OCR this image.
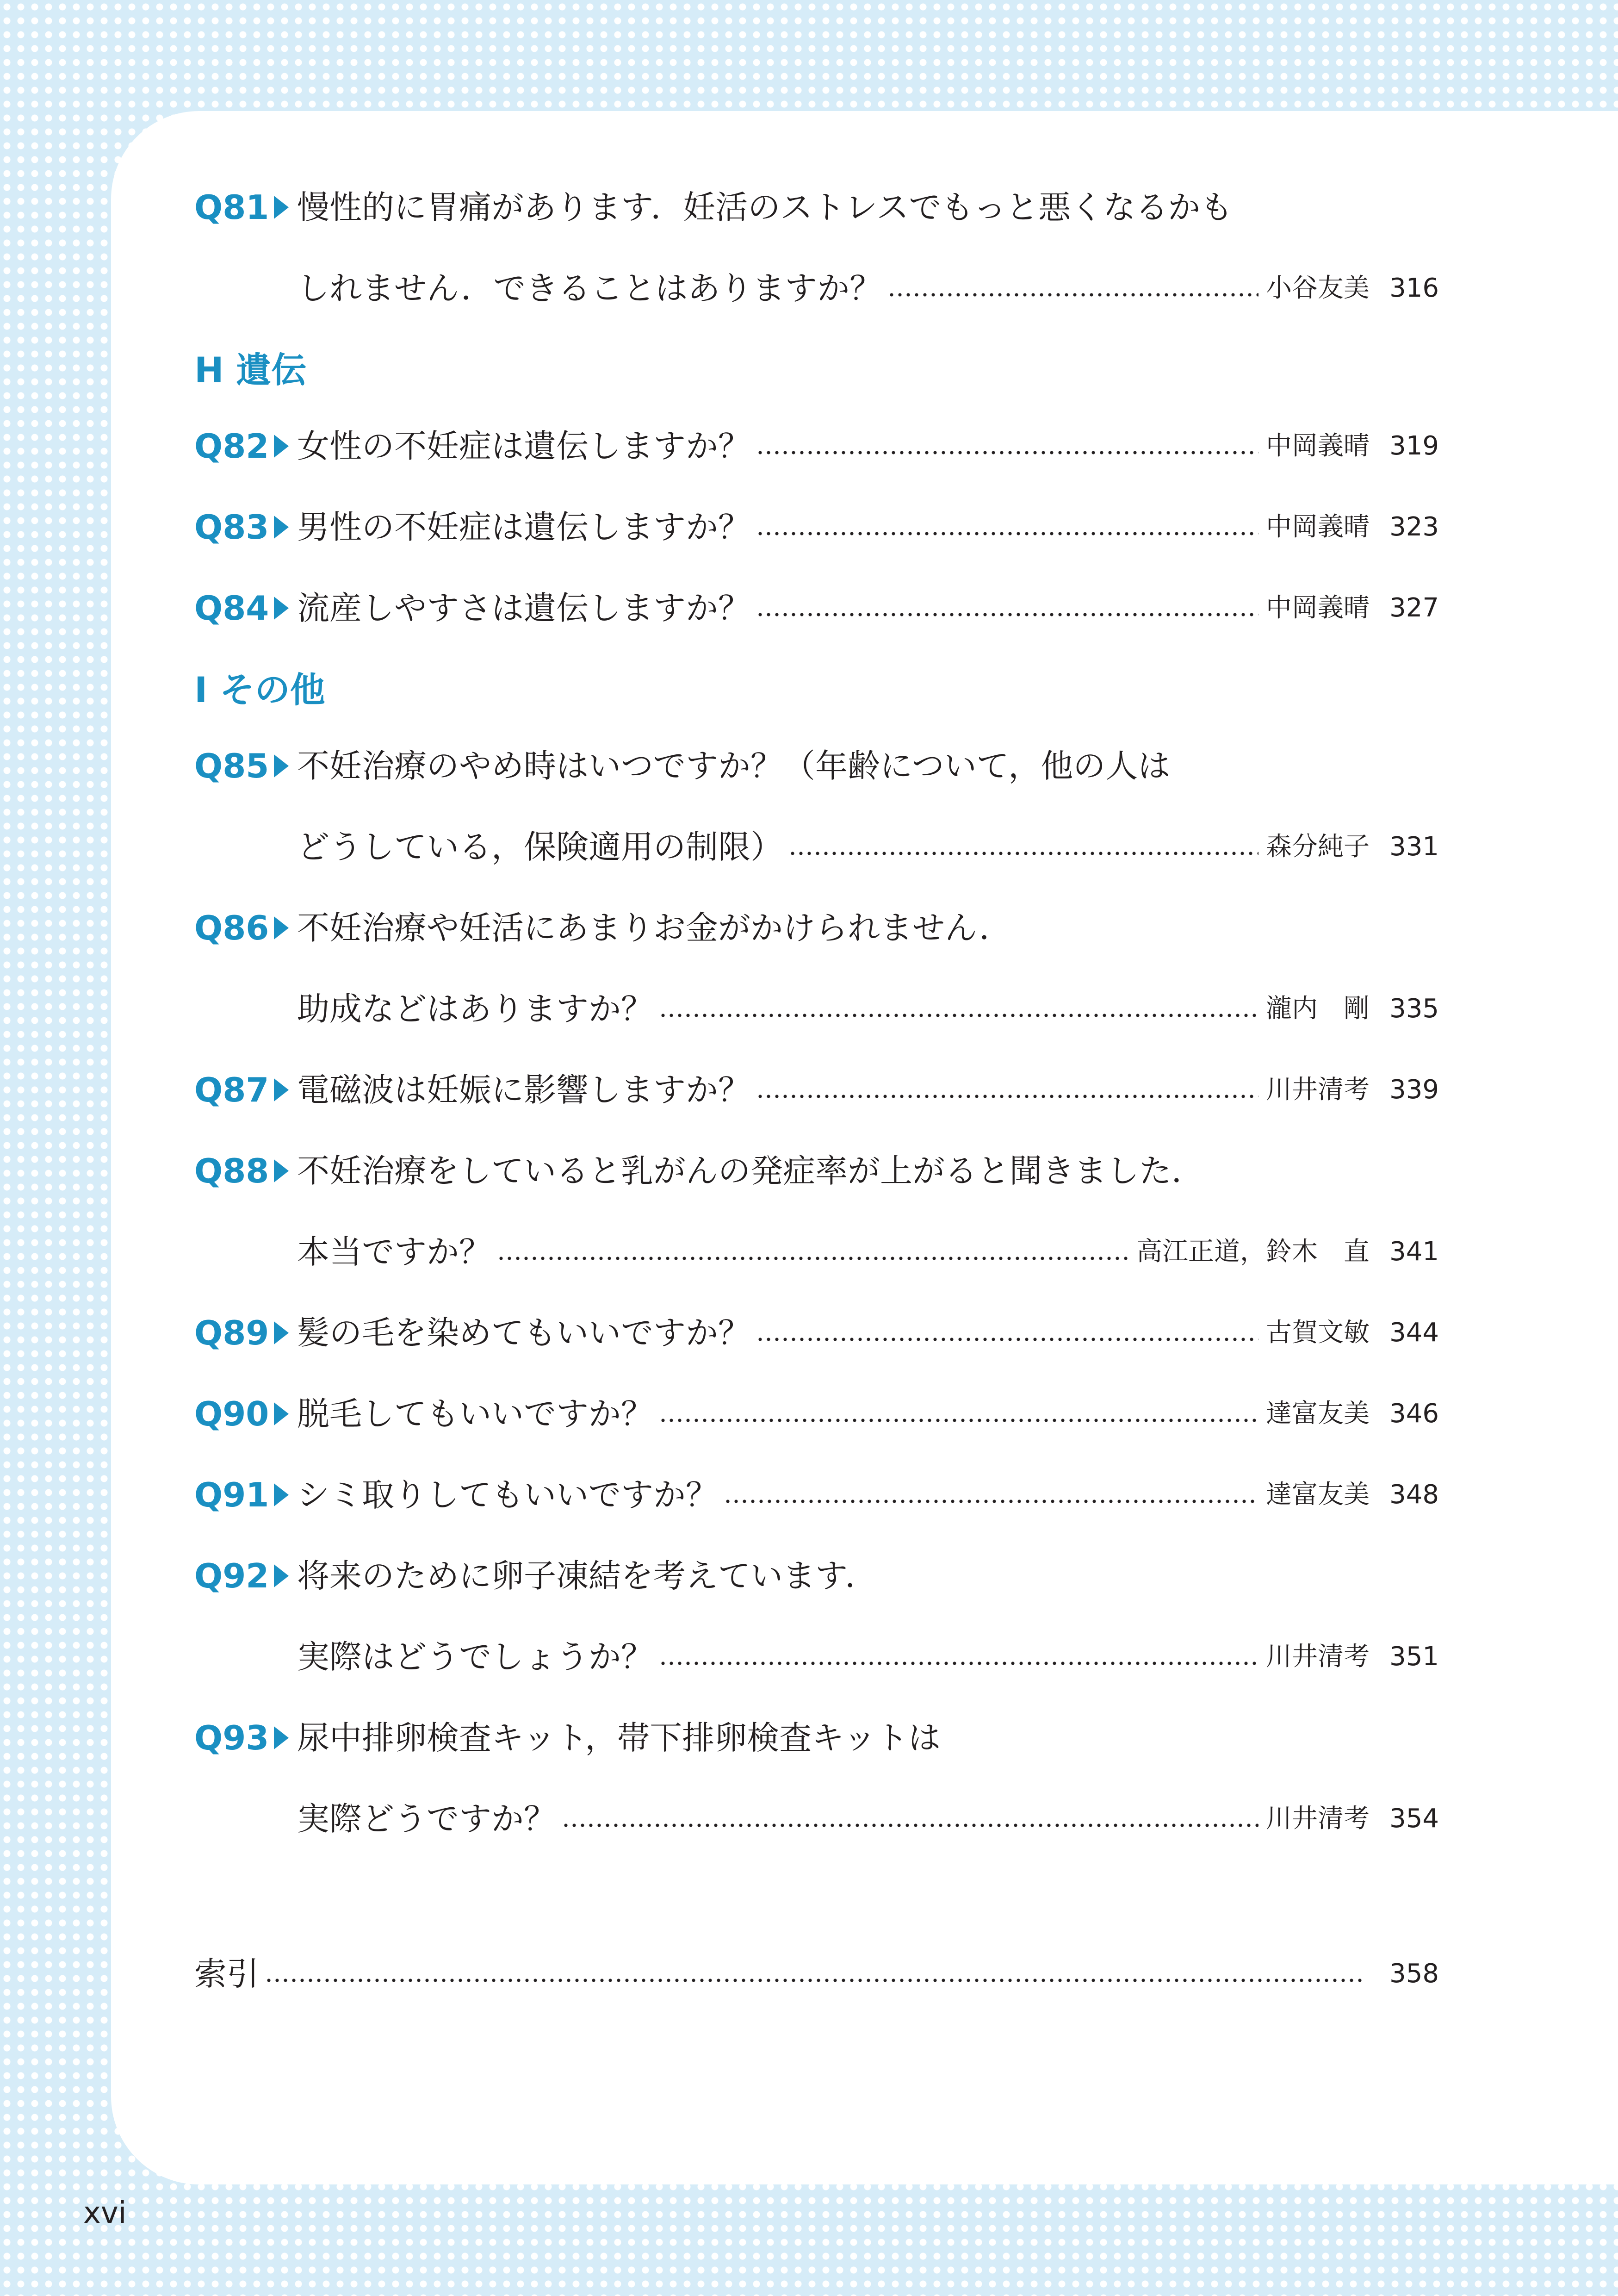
Q81 慢性的に胃痛があります．妊活のストレスでもっと悪くなるかも
しれません．できることはありますか？	小谷友美 316
H 遺伝
Q82 女性の不妊症は遺伝しますか？	中岡義晴 319
Q83 男性の不妊症は遺伝しますか？	中岡義晴 323
Q84 流産しやすさは遺伝しますか？	中岡義晴 327
I その他
Q85 不妊治療のやめ時はいつですか？（年齢について，他の人は
どうしている，保険適用の制限）	森分純子 331
Q86 不妊治療や妊活にあまりお金がかけられません．
助成などはありますか？	瀧内　剛 335
Q87 電磁波は妊娠に影響しますか？	川井清考 339
Q88 不妊治療をしていると乳がんの発症率が上がると聞きました．
本当ですか？	高江正道，鈴木　直 341
Q89 髪の毛を染めてもいいですか？	古賀文敏 344
Q90 脱毛してもいいですか？	達富友美 346
Q91 シミ取りしてもいいですか？	達富友美 348
Q92 将来のために卵子凍結を考えています．
実際はどうでしょうか？	川井清考 351
Q93 尿中排卵検査キット，帯下排卵検査キットは
実際どうですか？	川井清考 354
索引	358
xvi
